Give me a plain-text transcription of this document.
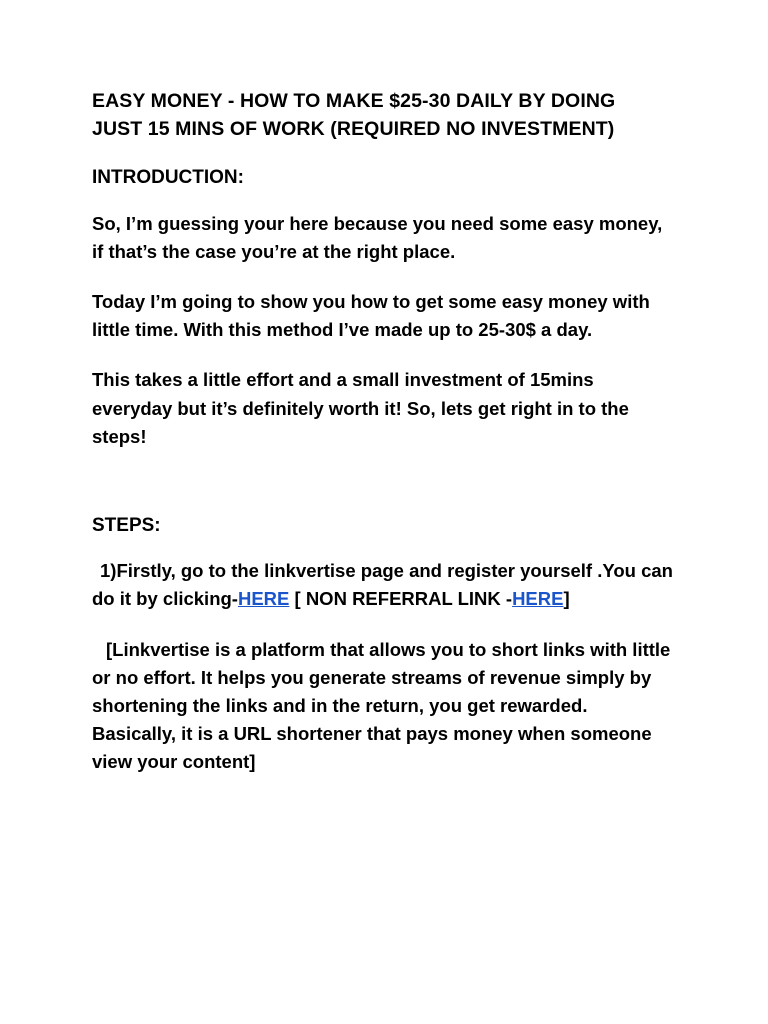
EASY MONEY - HOW TO MAKE $25-30 DAILY BY DOING JUST 15 MINS OF WORK (REQUIRED NO INVESTMENT)
INTRODUCTION:

So, I’m guessing your here because you need some easy money, if that’s the case you’re at the right place.

Today I’m going to show you how to get some easy money with little time. With this method I’ve made up to 25-30$ a day.

This takes a little effort and a small investment of 15mins everyday but it’s definitely worth it! So, lets get right in to the steps!

STEPS:

1)Firstly, go to the linkvertise page and register yourself .You can do it by clicking-HERE [ NON REFERRAL LINK -HERE]

[Linkvertise is a platform that allows you to short links with little or no effort. It helps you generate streams of revenue simply by shortening the links and in the return, you get rewarded. Basically, it is a URL shortener that pays money when someone view your content]
